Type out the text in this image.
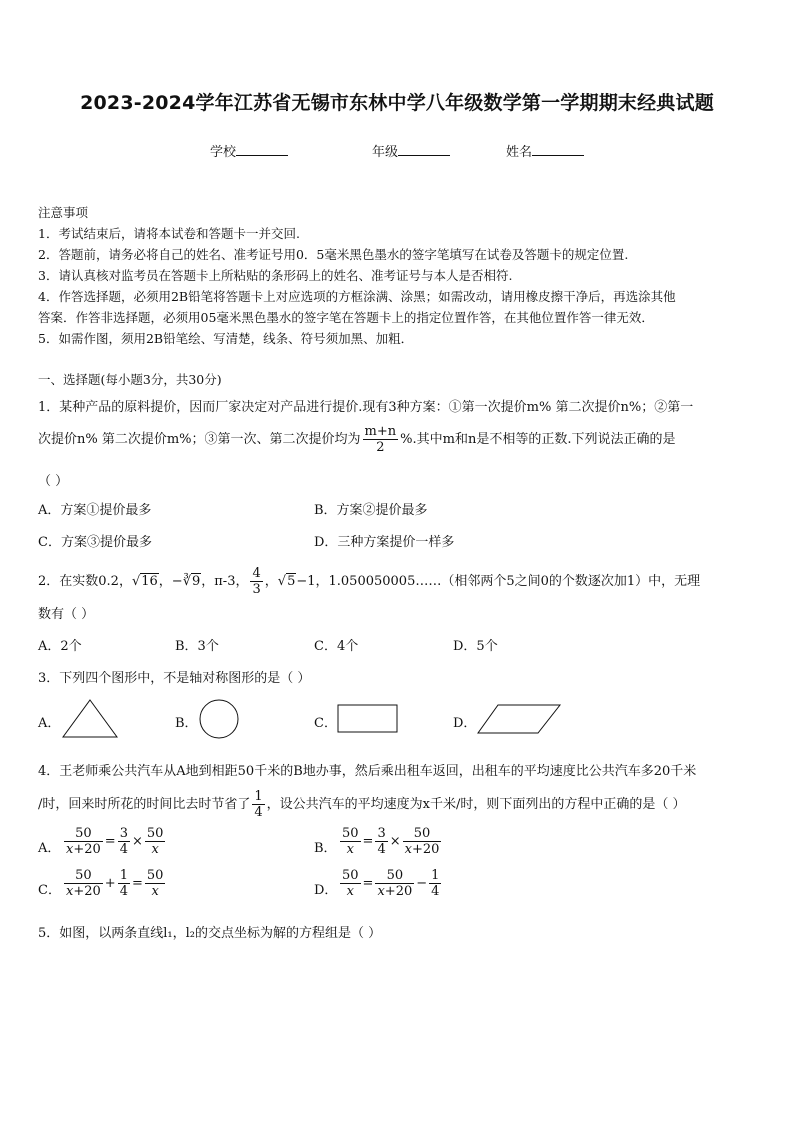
2023-2024学年江苏省无锡市东林中学八年级数学第一学期期末经典试题
学校	年级	姓名
注意事项
1．考试结束后，请将本试卷和答题卡一并交回.
2．答题前，请务必将自己的姓名、准考证号用0．5毫米黑色墨水的签字笔填写在试卷及答题卡的规定位置.
3．请认真核对监考员在答题卡上所粘贴的条形码上的姓名、准考证号与本人是否相符.
4．作答选择题，必须用2B铅笔将答题卡上对应选项的方框涂满、涂黑；如需改动，请用橡皮擦干净后，再选涂其他
答案．作答非选择题，必须用05毫米黑色墨水的签字笔在答题卡上的指定位置作答，在其他位置作答一律无效．
5．如需作图，须用2B铅笔绘、写清楚，线条、符号须加黑、加粗．
一、选择题(每小题3分，共30分)
1．某种产品的原料提价，因而厂家决定对产品进行提价.现有3种方案：①第一次提价m% 第二次提价n%；②第一
次提价n% 第二次提价m%；③第一次、第二次提价均为 $\frac{m+n}{2}$ %.其中m和n是不相等的正数.下列说法正确的是
（ ）
A．方案①提价最多	B．方案②提价最多
C．方案③提价最多	D．三种方案提价一样多
2．在实数0.2，√16，−∛9，π-3， $\frac{4}{3}$ ，√5−1，1.050050005……（相邻两个5之间0的个数逐次加1）中，无理
数有（ ）
A．2个	B．3个	C．4个	D．5个
3．下列四个图形中，不是轴对称图形的是（ ）
A．	B．	C．	D．
4．王老师乘公共汽车从A地到相距50千米的B地办事，然后乘出租车返回，出租车的平均速度比公共汽车多20千米
/时，回来时所花的时间比去时节省了 $\frac{1}{4}$ ，设公共汽车的平均速度为x千米/时，则下面列出的方程中正确的是（ ）
A． $\frac{50}{x+20} = \frac{3}{4} \times \frac{50}{x}$	B． $\frac{50}{x} = \frac{3}{4} \times \frac{50}{x+20}$
C． $\frac{50}{x+20} + \frac{1}{4} = \frac{50}{x}$	D． $\frac{50}{x} = \frac{50}{x+20} - \frac{1}{4}$
5．如图，以两条直线l₁，l₂的交点坐标为解的方程组是（ ）
